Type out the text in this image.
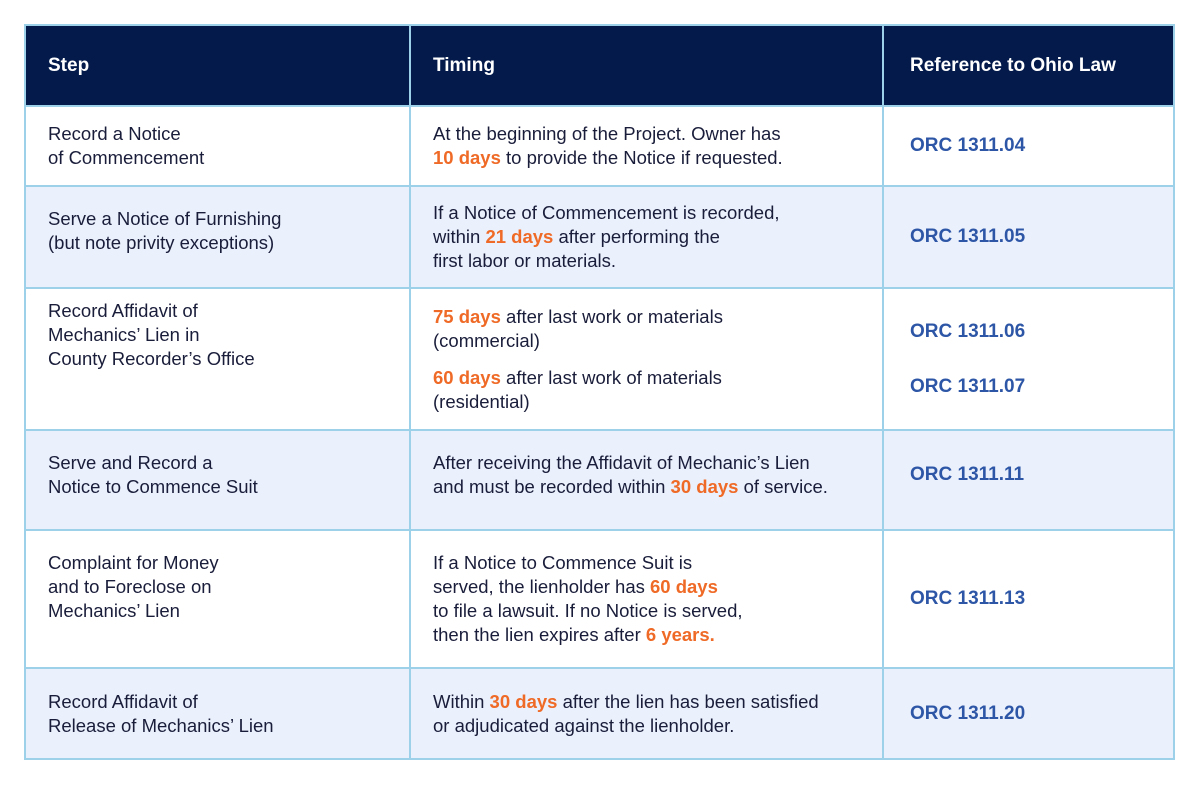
Step	Timing	Reference to Ohio Law
Record a Notice
of Commencement
At the beginning of the Project. Owner has
10 days to provide the Notice if requested.
ORC 1311.04
Serve a Notice of Furnishing
(but note privity exceptions)
If a Notice of Commencement is recorded,
within 21 days after performing the
first labor or materials.
ORC 1311.05
Record Affidavit of
Mechanics’ Lien in
County Recorder’s Office
75 days after last work or materials
(commercial)
60 days after last work of materials
(residential)
ORC 1311.06
ORC 1311.07
Serve and Record a
Notice to Commence Suit
After receiving the Affidavit of Mechanic’s Lien
and must be recorded within 30 days of service.
ORC 1311.11
Complaint for Money
and to Foreclose on
Mechanics’ Lien
If a Notice to Commence Suit is
served, the lienholder has 60 days
to file a lawsuit. If no Notice is served,
then the lien expires after 6 years.
ORC 1311.13
Record Affidavit of
Release of Mechanics’ Lien
Within 30 days after the lien has been satisfied
or adjudicated against the lienholder.
ORC 1311.20
